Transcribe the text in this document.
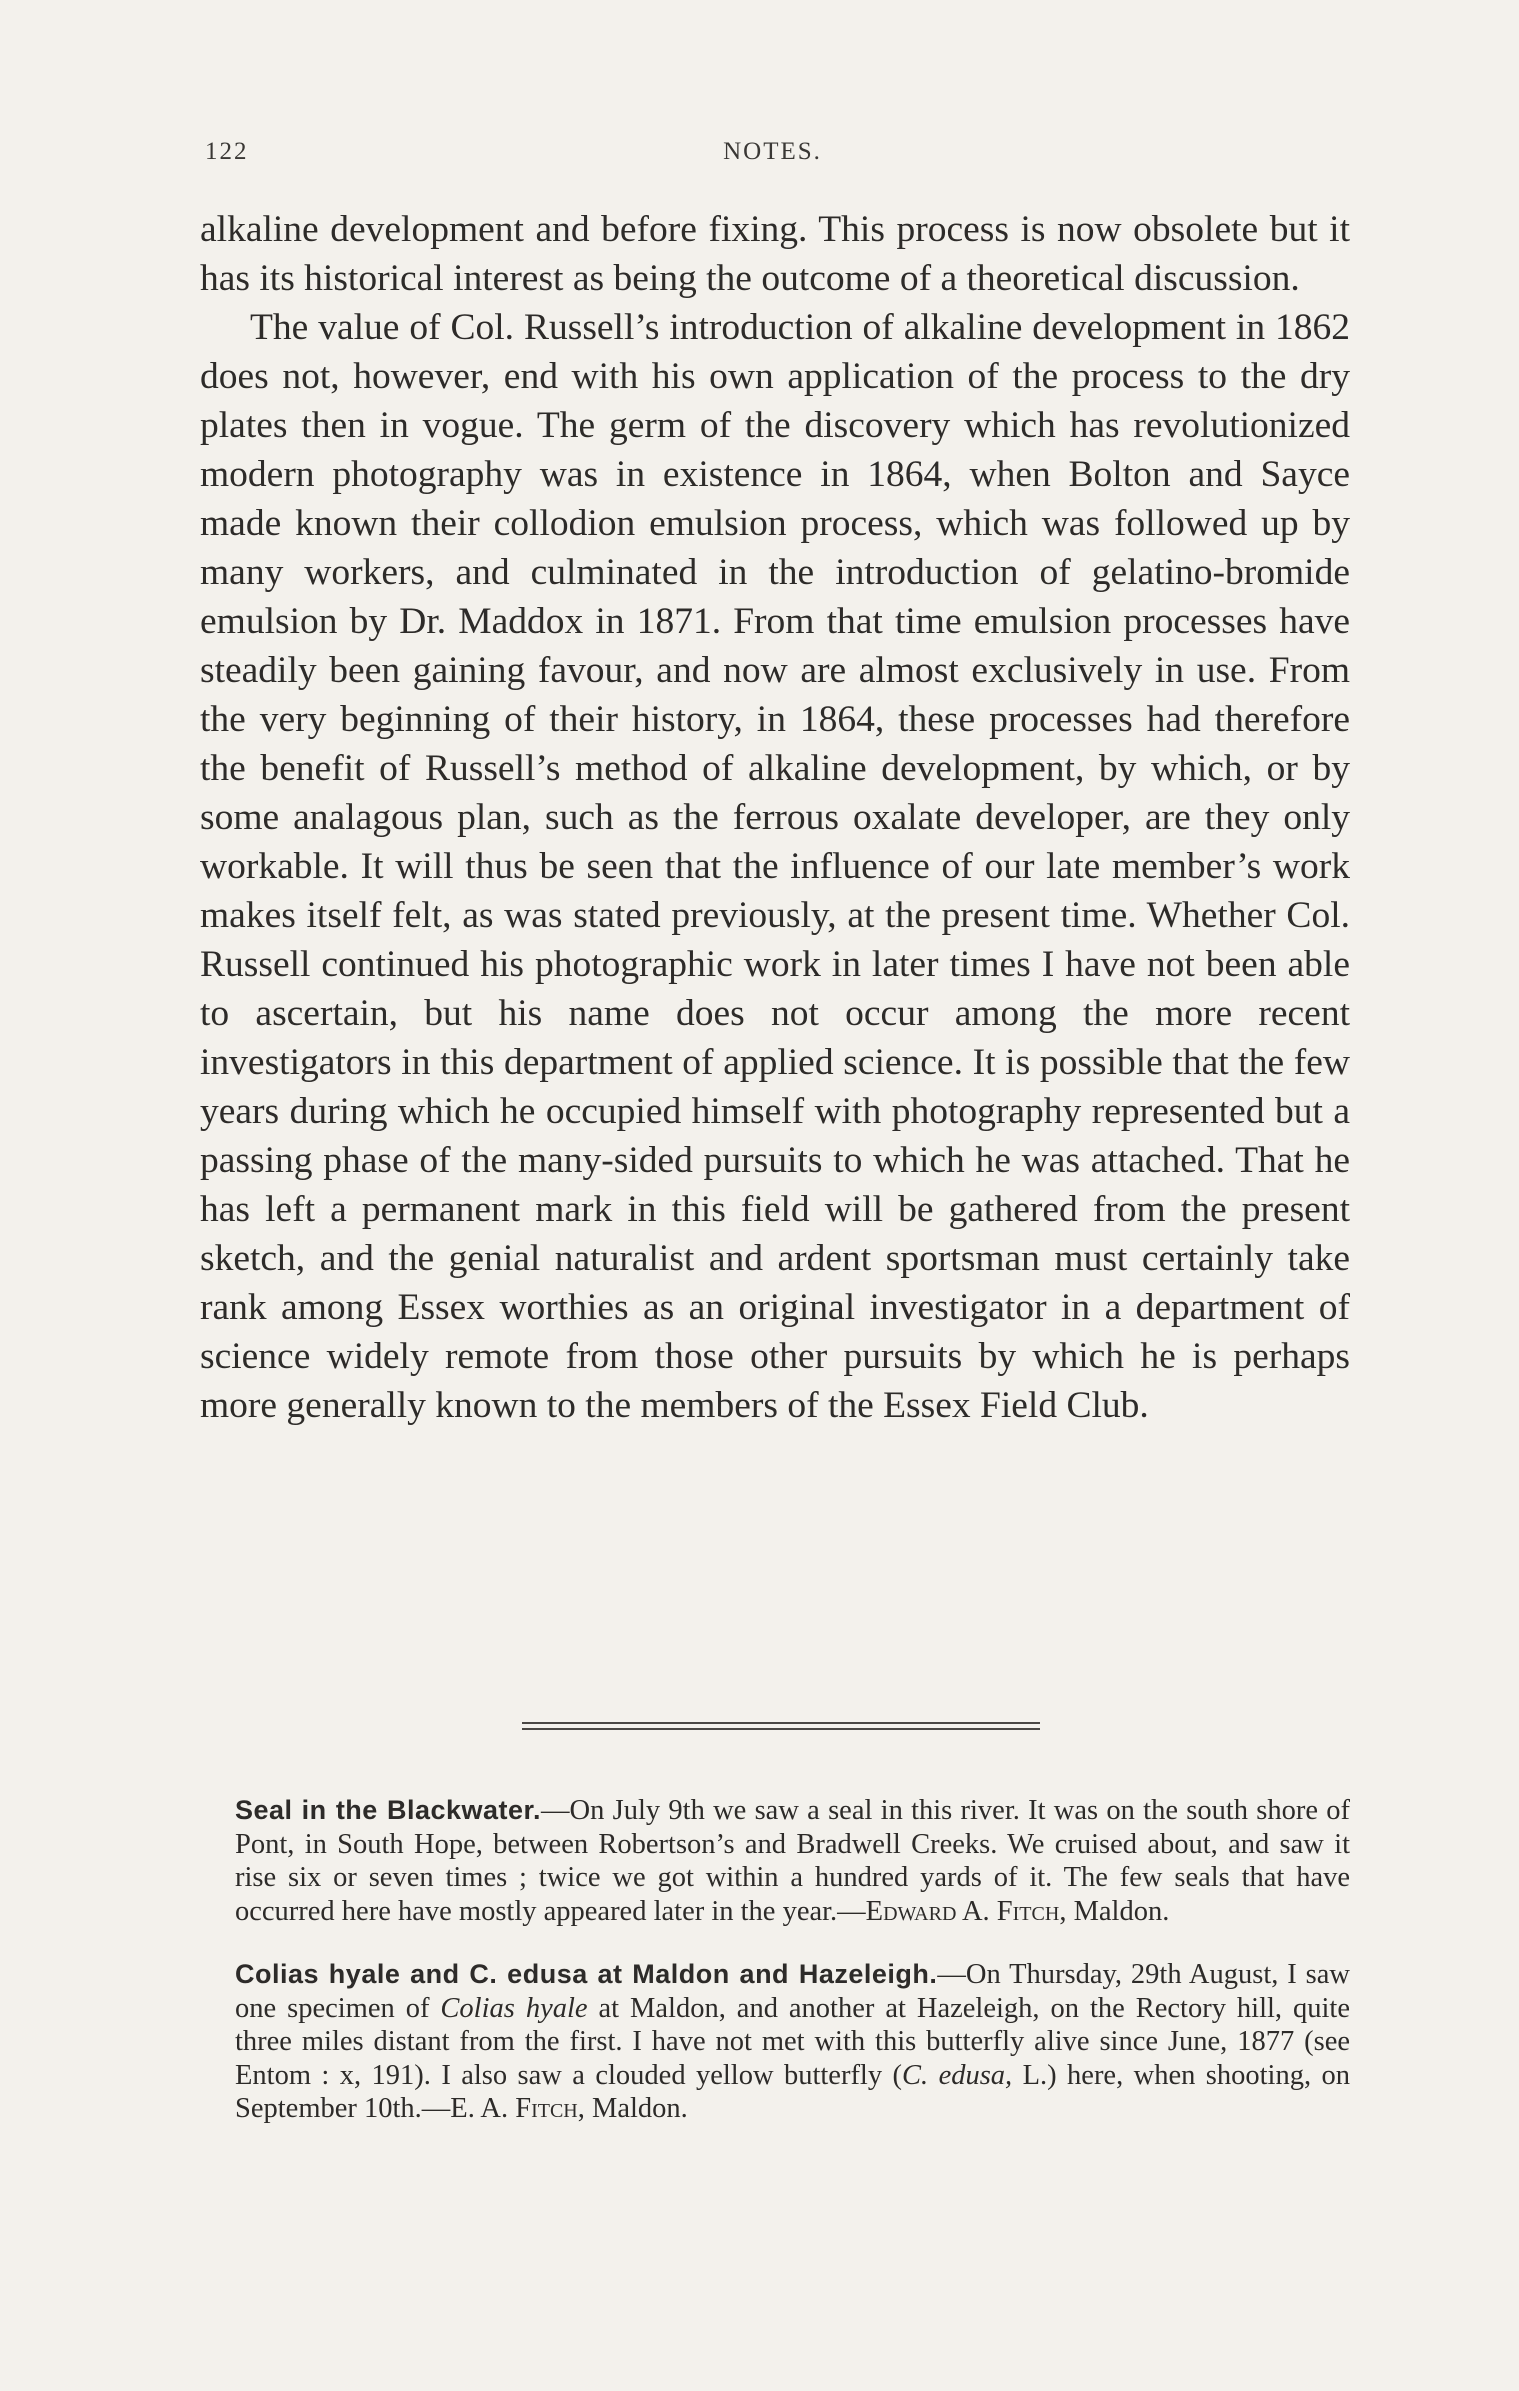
122	NOTES.

alkaline development and before fixing. This process is now obsolete but it has its historical interest as being the outcome of a theoretical discussion.

The value of Col. Russell’s introduction of alkaline development in 1862 does not, however, end with his own application of the process to the dry plates then in vogue. The germ of the discovery which has revolutionized modern photography was in existence in 1864, when Bolton and Sayce made known their collodion emulsion process, which was followed up by many workers, and culminated in the introduction of gelatino-bromide emulsion by Dr. Maddox in 1871. From that time emulsion processes have steadily been gaining favour, and now are almost exclusively in use. From the very beginning of their history, in 1864, these processes had therefore the benefit of Russell’s method of alkaline development, by which, or by some analagous plan, such as the ferrous oxalate developer, are they only workable. It will thus be seen that the influence of our late member’s work makes itself felt, as was stated previously, at the present time. Whether Col. Russell continued his photographic work in later times I have not been able to ascertain, but his name does not occur among the more recent investigators in this department of applied science. It is possible that the few years during which he occupied himself with photography represented but a passing phase of the many-sided pursuits to which he was attached. That he has left a permanent mark in this field will be gathered from the present sketch, and the genial naturalist and ardent sportsman must certainly take rank among Essex worthies as an original investigator in a department of science widely remote from those other pursuits by which he is perhaps more generally known to the members of the Essex Field Club.

Seal in the Blackwater.—On July 9th we saw a seal in this river. It was on the south shore of Pont, in South Hope, between Robertson’s and Bradwell Creeks. We cruised about, and saw it rise six or seven times ; twice we got within a hundred yards of it. The few seals that have occurred here have mostly appeared later in the year.—Edward A. Fitch, Maldon.

Colias hyale and C. edusa at Maldon and Hazeleigh.—On Thursday, 29th August, I saw one specimen of Colias hyale at Maldon, and another at Hazeleigh, on the Rectory hill, quite three miles distant from the first. I have not met with this butterfly alive since June, 1877 (see Entom : x, 191). I also saw a clouded yellow butterfly (C. edusa, L.) here, when shooting, on September 10th.—E. A. Fitch, Maldon.
